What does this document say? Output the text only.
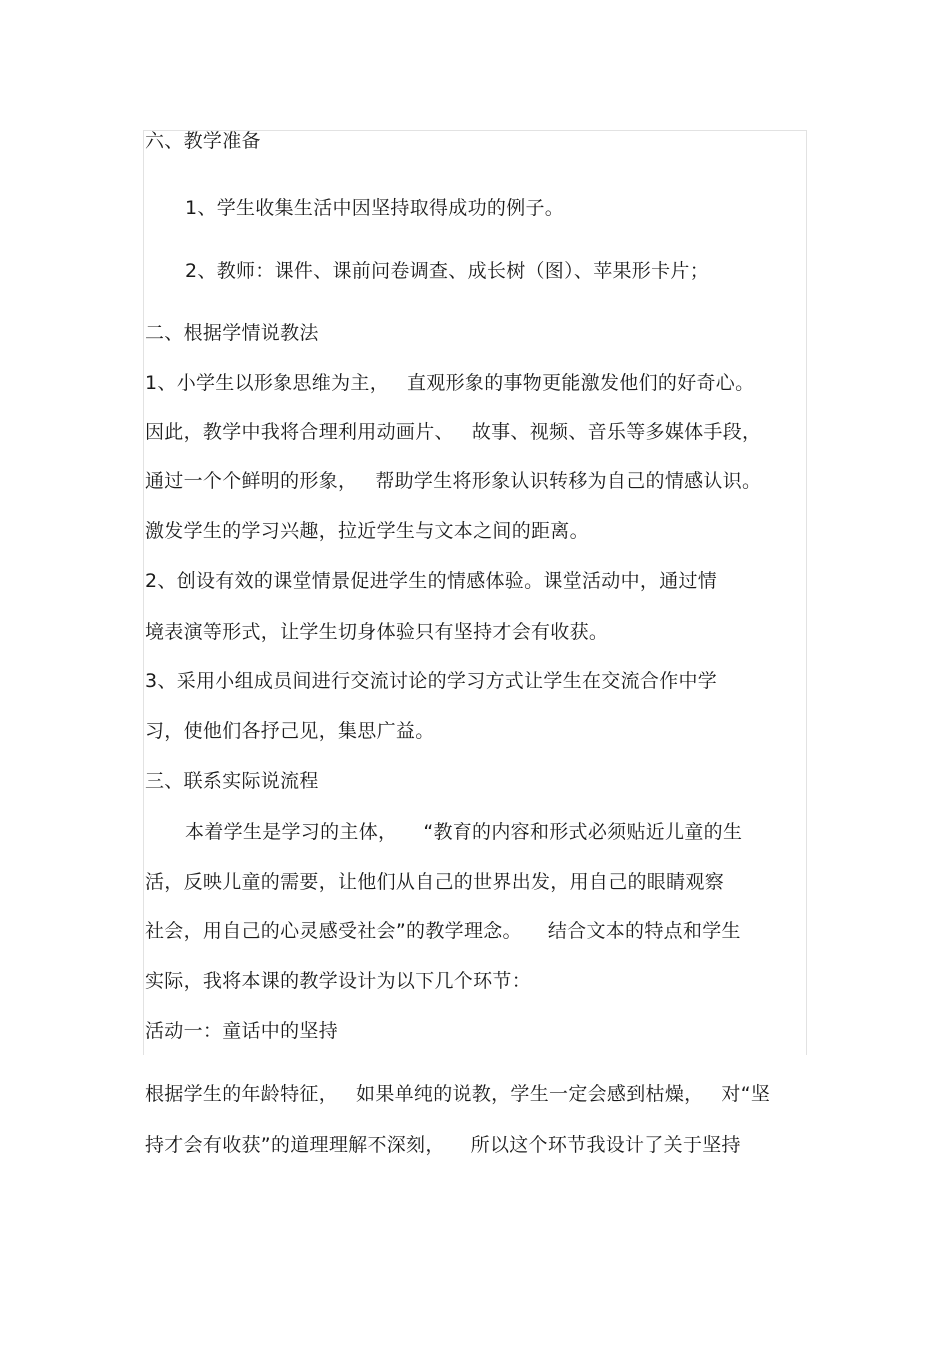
六、教学准备
1、学生收集生活中因坚持取得成功的例子。
2、教师：课件、课前问卷调查、成长树（图）、苹果形卡片；
二、根据学情说教法
1、小学生以形象思维为主， 直观形象的事物更能激发他们的好奇心。
因此，教学中我将合理利用动画片、 故事、视频、音乐等多媒体手段，
通过一个个鲜明的形象， 帮助学生将形象认识转移为自己的情感认识。
激发学生的学习兴趣，拉近学生与文本之间的距离。
2、创设有效的课堂情景促进学生的情感体验。课堂活动中，通过情
境表演等形式，让学生切身体验只有坚持才会有收获。
3、采用小组成员间进行交流讨论的学习方式让学生在交流合作中学
习，使他们各抒己见，集思广益。
三、联系实际说流程
本着学生是学习的主体， “教育的内容和形式必须贴近儿童的生
活，反映儿童的需要，让他们从自己的世界出发，用自己的眼睛观察
社会，用自己的心灵感受社会”的教学理念。 结合文本的特点和学生
实际，我将本课的教学设计为以下几个环节：
活动一：童话中的坚持
根据学生的年龄特征， 如果单纯的说教，学生一定会感到枯燥， 对“坚
持才会有收获”的道理理解不深刻， 所以这个环节我设计了关于坚持
